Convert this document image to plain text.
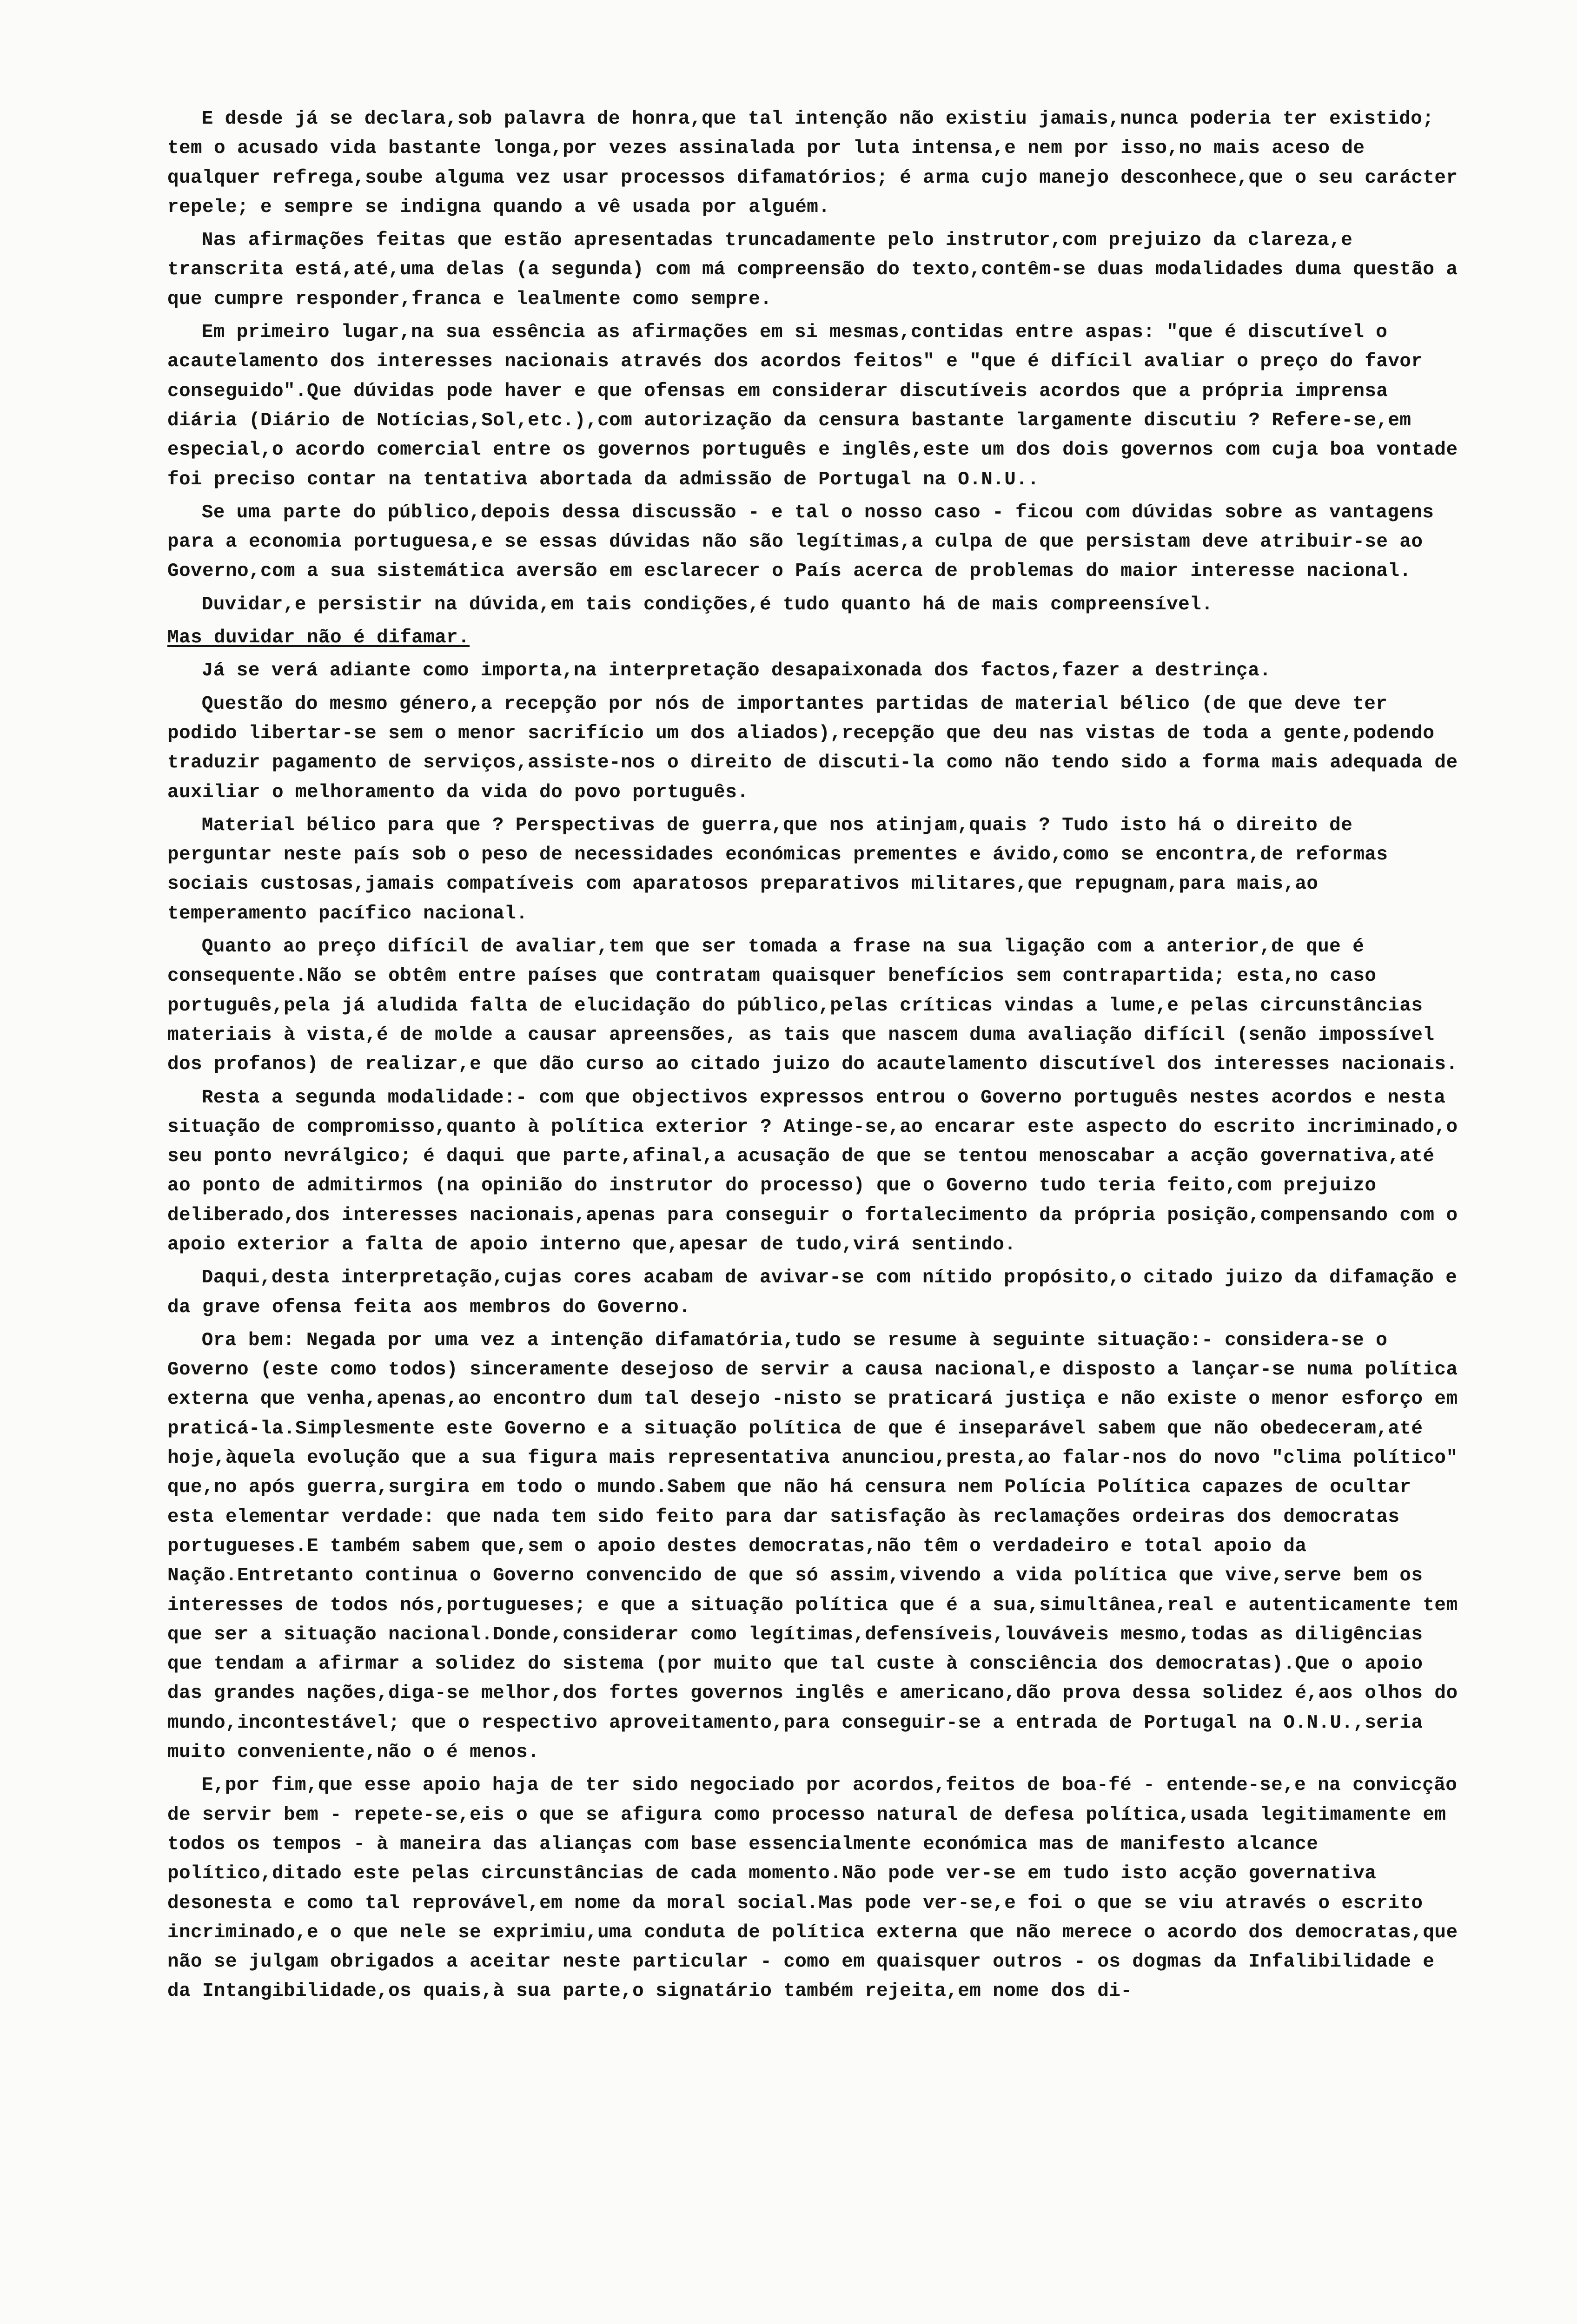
E desde já se declara,sob palavra de honra,que tal intenção não existiu jamais,nunca poderia ter existido; tem o acusado vida bastante longa,por vezes assinalada por luta intensa,e nem por isso,no mais aceso de qualquer refrega,soube alguma vez usar processos difamatórios; é arma cujo manejo desconhece,que o seu carácter repele; e sempre se indigna quando a vê usada por alguém.

Nas afirmações feitas que estão apresentadas truncadamente pelo instrutor,com prejuizo da clareza,e transcrita está,até,uma delas (a segunda) com má compreensão do texto,contêm-se duas modalidades duma questão a que cumpre responder,franca e lealmente como sempre.

Em primeiro lugar,na sua essência as afirmações em si mesmas,contidas entre aspas: "que é discutível o acautelamento dos interesses nacionais através dos acordos feitos" e "que é difícil avaliar o preço do favor conseguido".Que dúvidas pode haver e que ofensas em considerar discutíveis acordos que a própria imprensa diária (Diário de Notícias,Sol,etc.),com autorização da censura bastante largamente discutiu ? Refere-se,em especial,o acordo comercial entre os governos português e inglês,este um dos dois governos com cuja boa vontade foi preciso contar na tentativa abortada da admissão de Portugal na O.N.U..

Se uma parte do público,depois dessa discussão - e tal o nosso caso - ficou com dúvidas sobre as vantagens para a economia portuguesa,e se essas dúvidas não são legítimas,a culpa de que persistam deve atribuir-se ao Governo,com a sua sistemática aversão em esclarecer o País acerca de problemas do maior interesse nacional.

Duvidar,e persistir na dúvida,em tais condições,é tudo quanto há de mais compreensível.

Mas duvidar não é difamar.

Já se verá adiante como importa,na interpretação desapaixonada dos factos,fazer a destrinça.

Questão do mesmo género,a recepção por nós de importantes partidas de material bélico (de que deve ter podido libertar-se sem o menor sacrifício um dos aliados),recepção que deu nas vistas de toda a gente,podendo traduzir pagamento de serviços,assiste-nos o direito de discuti-la como não tendo sido a forma mais adequada de auxiliar o melhoramento da vida do povo português.

Material bélico para que ? Perspectivas de guerra,que nos atinjam,quais ? Tudo isto há o direito de perguntar neste país sob o peso de necessidades económicas prementes e ávido,como se encontra,de reformas sociais custosas,jamais compatíveis com aparatosos preparativos militares,que repugnam,para mais,ao temperamento pacífico nacional.

Quanto ao preço difícil de avaliar,tem que ser tomada a frase na sua ligação com a anterior,de que é consequente.Não se obtêm entre países que contratam quaisquer benefícios sem contrapartida; esta,no caso português,pela já aludida falta de elucidação do público,pelas críticas vindas a lume,e pelas circunstâncias materiais à vista,é de molde a causar apreensões, as tais que nascem duma avaliação difícil (senão impossível dos profanos) de realizar,e que dão curso ao citado juizo do acautelamento discutível dos interesses nacionais.

Resta a segunda modalidade:- com que objectivos expressos entrou o Governo português nestes acordos e nesta situação de compromisso,quanto à política exterior ? Atinge-se,ao encarar este aspecto do escrito incriminado,o seu ponto nevrálgico; é daqui que parte,afinal,a acusação de que se tentou menoscabar a acção governativa,até ao ponto de admitirmos (na opinião do instrutor do processo) que o Governo tudo teria feito,com prejuizo deliberado,dos interesses nacionais,apenas para conseguir o fortalecimento da própria posição,compensando com o apoio exterior a falta de apoio interno que,apesar de tudo,virá sentindo.

Daqui,desta interpretação,cujas cores acabam de avivar-se com nítido propósito,o citado juizo da difamação e da grave ofensa feita aos membros do Governo.

Ora bem: Negada por uma vez a intenção difamatória,tudo se resume à seguinte situação:- considera-se o Governo (este como todos) sinceramente desejoso de servir a causa nacional,e disposto a lançar-se numa política externa que venha,apenas,ao encontro dum tal desejo -nisto se praticará justiça e não existe o menor esforço em praticá-la.Simplesmente este Governo e a situação política de que é inseparável sabem que não obedeceram,até hoje,àquela evolução que a sua figura mais representativa anunciou,presta,ao falar-nos do novo "clima político" que,no após guerra,surgira em todo o mundo.Sabem que não há censura nem Polícia Política capazes de ocultar esta elementar verdade: que nada tem sido feito para dar satisfação às reclamações ordeiras dos democratas portugueses.E também sabem que,sem o apoio destes democratas,não têm o verdadeiro e total apoio da Nação.Entretanto continua o Governo convencido de que só assim,vivendo a vida política que vive,serve bem os interesses de todos nós,portugueses; e que a situação política que é a sua,simultânea,real e autenticamente tem que ser a situação nacional.Donde,considerar como legítimas,defensíveis,louváveis mesmo,todas as diligências que tendam a afirmar a solidez do sistema (por muito que tal custe à consciência dos democratas).Que o apoio das grandes nações,diga-se melhor,dos fortes governos inglês e americano,dão prova dessa solidez é,aos olhos do mundo,incontestável; que o respectivo aproveitamento,para conseguir-se a entrada de Portugal na O.N.U.,seria muito conveniente,não o é menos.

E,por fim,que esse apoio haja de ter sido negociado por acordos,feitos de boa-fé - entende-se,e na convicção de servir bem - repete-se,eis o que se afigura como processo natural de defesa política,usada legitimamente em todos os tempos - à maneira das alianças com base essencialmente económica mas de manifesto alcance político,ditado este pelas circunstâncias de cada momento.Não pode ver-se em tudo isto acção governativa desonesta e como tal reprovável,em nome da moral social.Mas pode ver-se,e foi o que se viu através o escrito incriminado,e o que nele se exprimiu,uma conduta de política externa que não merece o acordo dos democratas,que não se julgam obrigados a aceitar neste particular - como em quaisquer outros - os dogmas da Infalibilidade e da Intangibilidade,os quais,à sua parte,o signatário também rejeita,em nome dos di-
